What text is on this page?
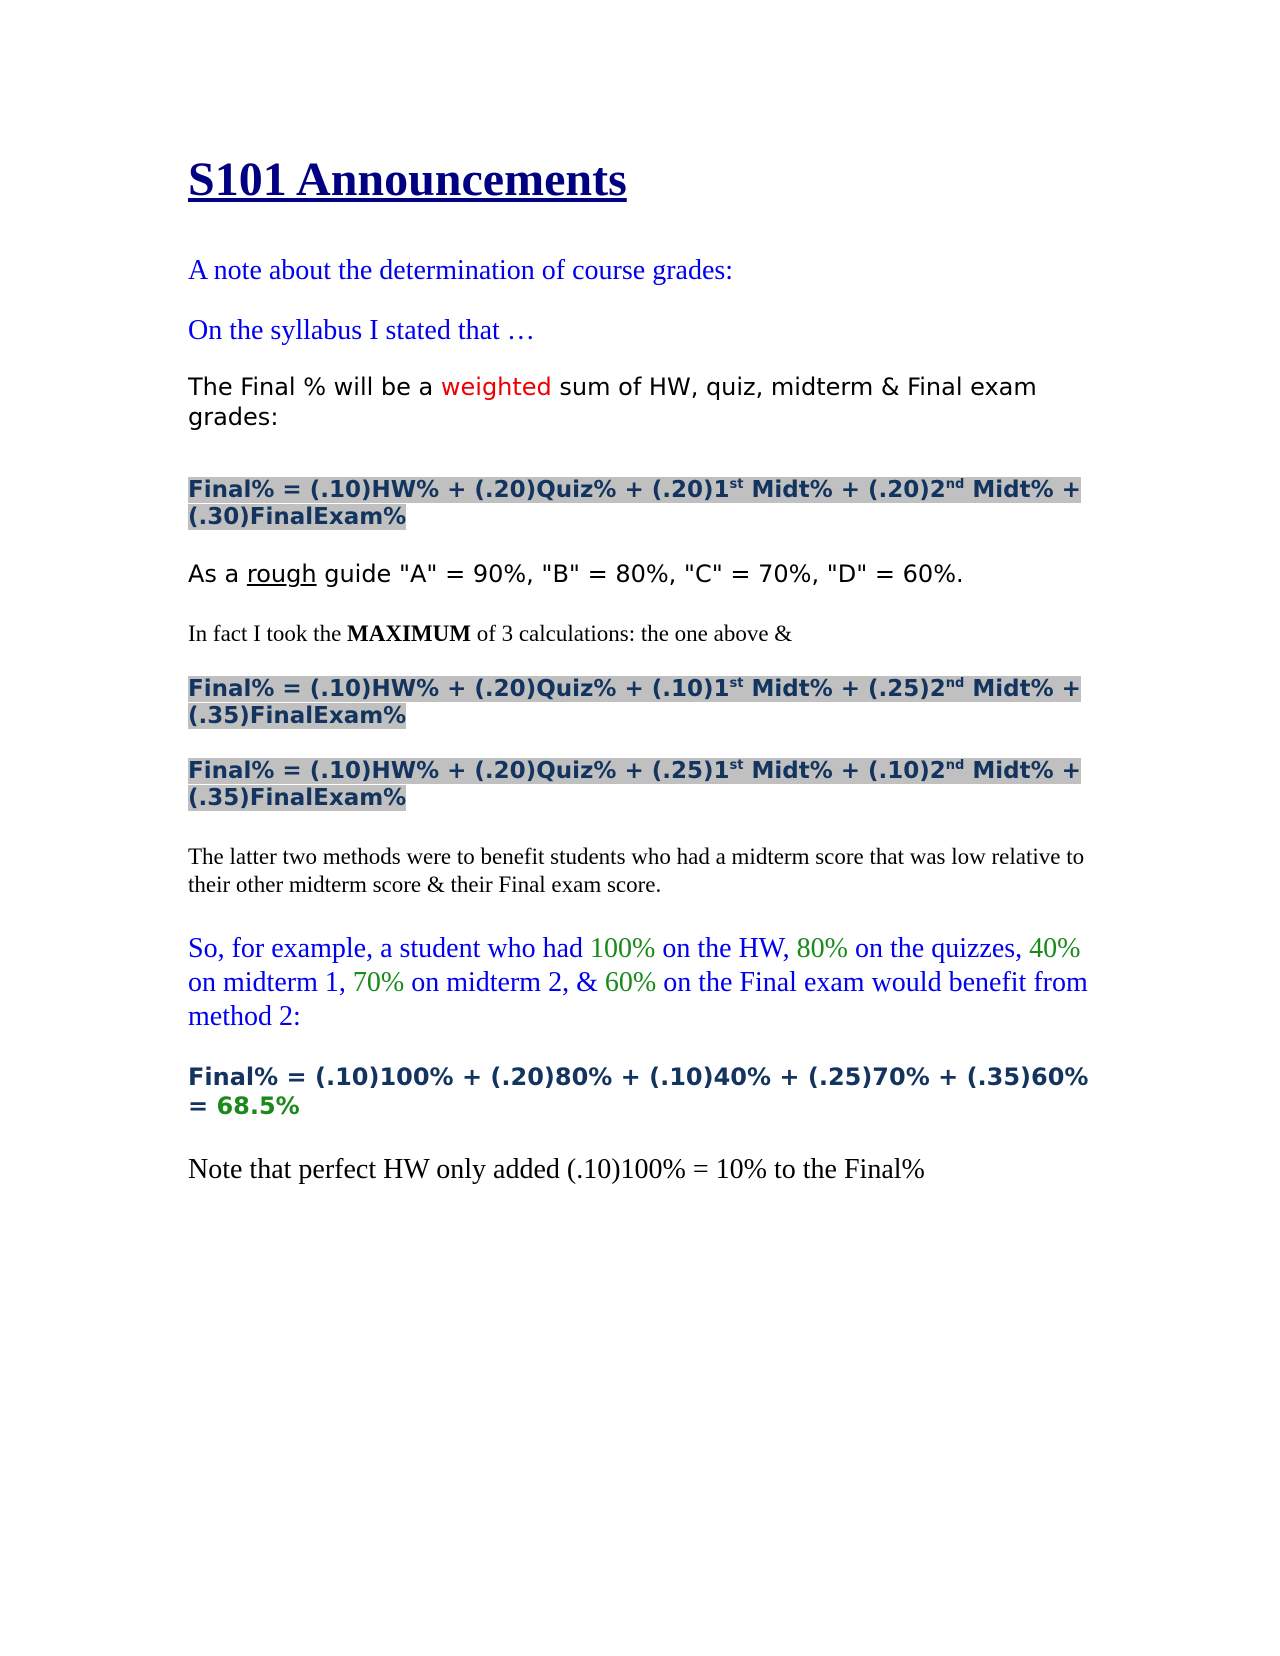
S101 Announcements

A note about the determination of course grades:

On the syllabus I stated that …

The Final % will be a weighted sum of HW, quiz, midterm & Final exam grades:

Final% = (.10)HW% + (.20)Quiz% + (.20)1st Midt% + (.20)2nd Midt% + (.30)FinalExam%

As a rough guide "A" = 90%, "B" = 80%, "C" = 70%, "D" = 60%.

In fact I took the MAXIMUM of 3 calculations: the one above &

Final% = (.10)HW% + (.20)Quiz% + (.10)1st Midt% + (.25)2nd Midt% + (.35)FinalExam%

Final% = (.10)HW% + (.20)Quiz% + (.25)1st Midt% + (.10)2nd Midt% + (.35)FinalExam%

The latter two methods were to benefit students who had a midterm score that was low relative to their other midterm score & their Final exam score.

So, for example, a student who had 100% on the HW, 80% on the quizzes, 40% on midterm 1, 70% on midterm 2, & 60% on the Final exam would benefit from method 2:

Final% = (.10)100% + (.20)80% + (.10)40% + (.25)70% + (.35)60% = 68.5%

Note that perfect HW only added (.10)100% = 10% to the Final%
